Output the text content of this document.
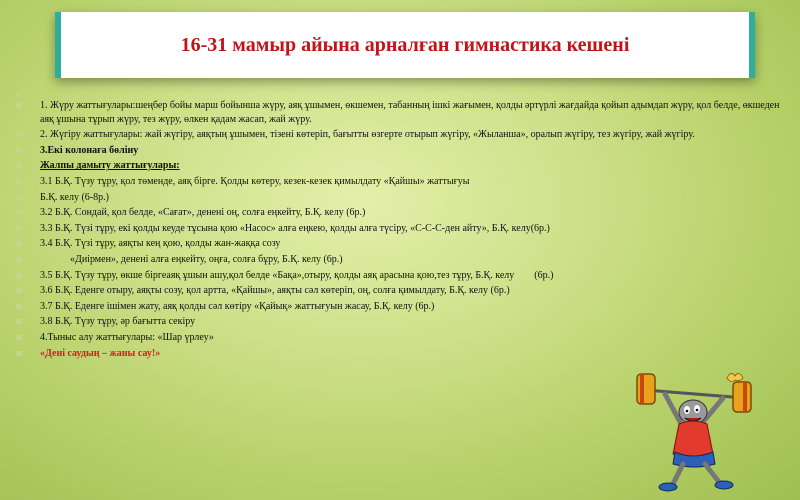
16-31 мамыр айына арналған гимнастика кешені
1. Жүру жаттығулары:шеңбер бойы марш бойынша жүру, аяқ ұшымен, өкшемен, табанның ішкі жағымен, қолды әртүрлі жағдайда қойып адымдап жүру, қол белде, өкшеден аяқ ұшына тұрып жүру, тез жүру, өлкен қадам жасап, жай жүру.
2. Жүгіру жаттығулары: жай жүгіру, аяқтың ұшымен, тізені көтеріп, бағытты өзгерте отырып жүгіру, «Жыланша», оралып жүгіру, тез жүгіру, жай жүгіру.
3.Екі колонаға бөліну
Жалпы дамыту жаттығулары:
3.1 Б.Қ. Түзу тұру, қол төменде, аяқ бірге. Қолды көтеру, кезек-кезек қимылдату «Қайшы» жаттығуы
Б.Қ. келу (6-8р.)
3.2 Б.Қ. Сондай, қол белде, «Сағат», денені оң, солға еңкейту, Б.Қ. келу (6р.)
3.3 Б.Қ. Түзі тұру, екі қолды кеуде тұсына қою «Насос» алға еңкею, қолды алға түсіру, «С-С-С-ден айту», Б.Қ. келу(6р.)
3.4 Б.Қ. Түзі тұру, аяқты кең қою, қолды жан-жаққа созу
«Диірмен», денені алға еңкейту, оңға, солға бұру, Б.Қ. келу (6р.)
3.5 Б.Қ. Түзу тұру, өкше біргеаяқ ұшын ашу,қол белде «Бақа»,отыру, қолды аяқ арасына қою,тез тұру, Б.Қ. келу        (6р.)
3.6 Б.Қ. Еденге отыру, аяқты созу, қол артта, «Қайшы», аяқты сәл көтеріп, оң, солға қимылдату, Б.Қ. келу (6р.)
3.7 Б.Қ. Еденге ішімен жату, аяқ қолды сәл көтіру «Қайық» жаттығуын жасау, Б.Қ. келу (6р.)
3.8 Б.Қ. Түзу тұру, әр бағытта секіру
4.Тыныс алу жаттығулары: «Шар үрлеу»
«Дені саудың – жаны сау!»
